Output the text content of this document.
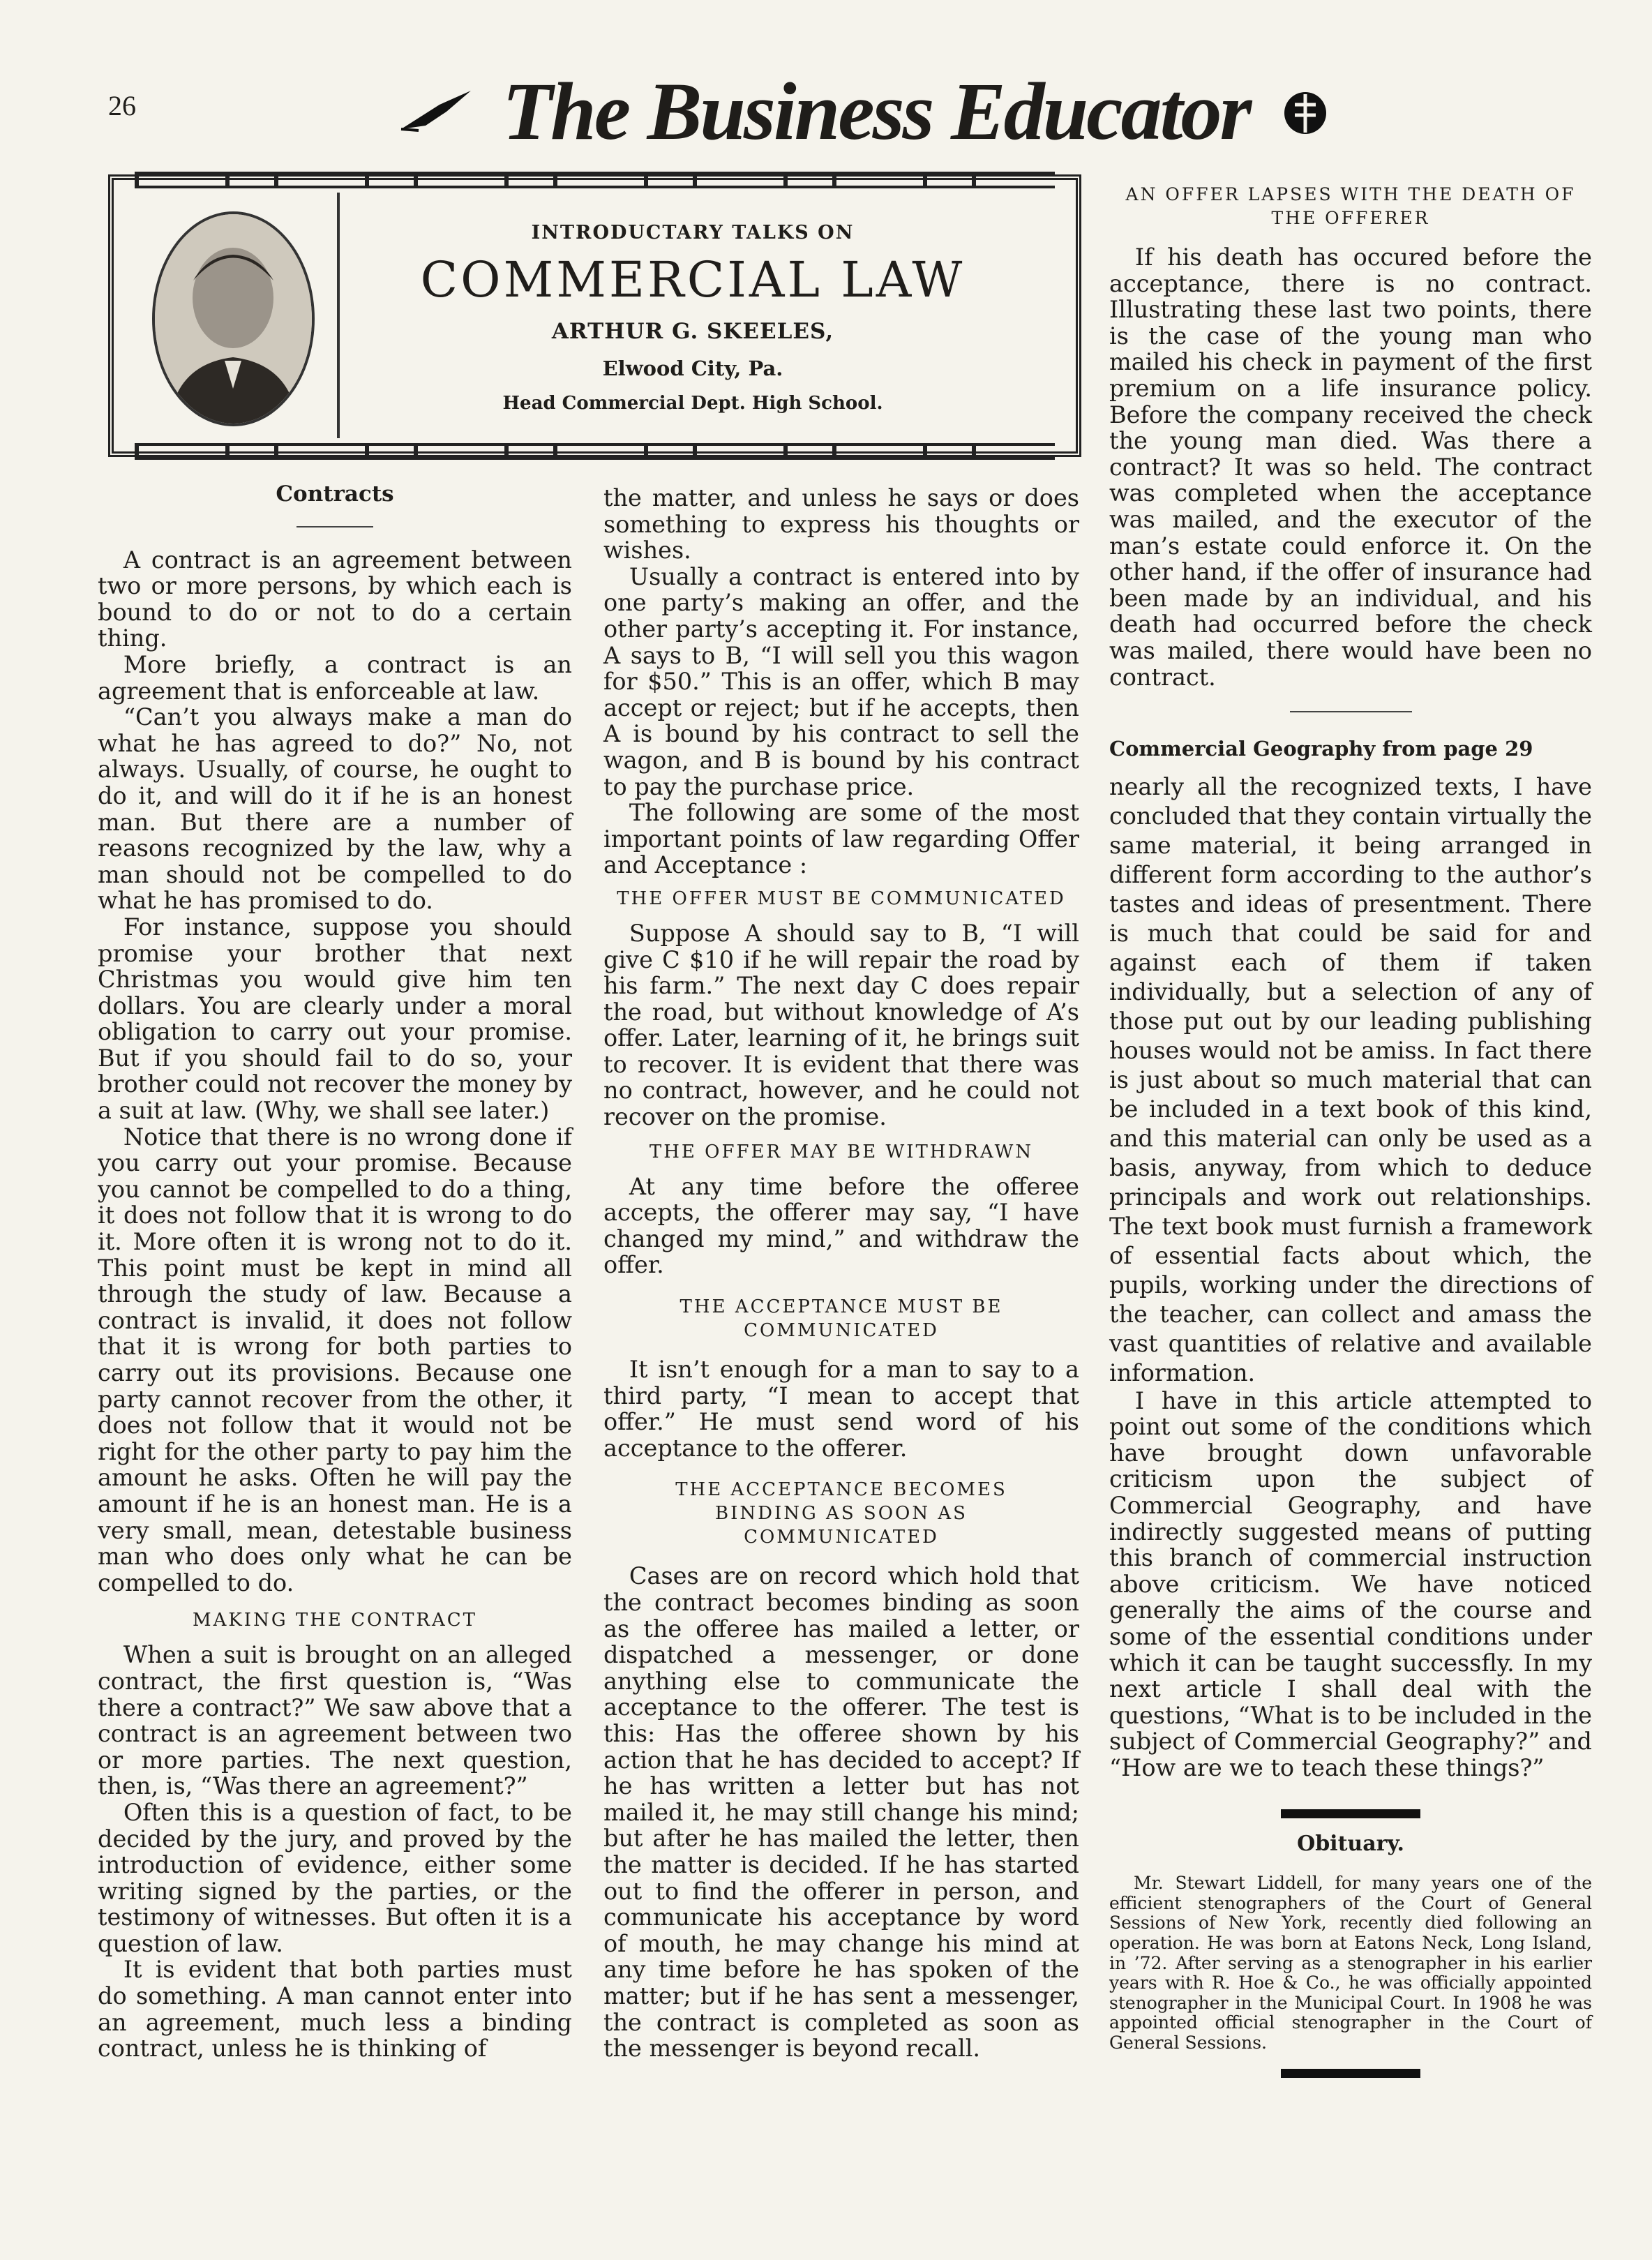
26	The Business Educator
INTRODUCTARY TALKS ON
COMMERCIAL LAW
ARTHUR G. SKEELES,
Elwood City, Pa.
Head Commercial Dept. High School.
Contracts

A contract is an agreement between two or more persons, by which each is bound to do or not to do a certain thing.

More briefly, a contract is an agreement that is enforceable at law.

“Can’t you always make a man do what he has agreed to do?” No, not always. Usually, of course, he ought to do it, and will do it if he is an honest man. But there are a number of reasons recognized by the law, why a man should not be compelled to do what he has promised to do.

For instance, suppose you should promise your brother that next Christmas you would give him ten dollars. You are clearly under a moral obligation to carry out your promise. But if you should fail to do so, your brother could not recover the money by a suit at law. (Why, we shall see later.)

Notice that there is no wrong done if you carry out your promise. Because you cannot be compelled to do a thing, it does not follow that it is wrong to do it. More often it is wrong not to do it. This point must be kept in mind all through the study of law. Because a contract is invalid, it does not follow that it is wrong for both parties to carry out its provisions. Because one party cannot recover from the other, it does not follow that it would not be right for the other party to pay him the amount he asks. Often he will pay the amount if he is an honest man. He is a very small, mean, detestable business man who does only what he can be compelled to do.

MAKING THE CONTRACT

When a suit is brought on an alleged contract, the first question is, “Was there a contract?” We saw above that a contract is an agreement between two or more parties. The next question, then, is, “Was there an agreement?”

Often this is a question of fact, to be decided by the jury, and proved by the introduction of evidence, either some writing signed by the parties, or the testimony of witnesses. But often it is a question of law.

It is evident that both parties must do something. A man cannot enter into an agreement, much less a binding contract, unless he is thinking of

the matter, and unless he says or does something to express his thoughts or wishes.

Usually a contract is entered into by one party’s making an offer, and the other party’s accepting it. For instance, A says to B, “I will sell you this wagon for $50.” This is an offer, which B may accept or reject; but if he accepts, then A is bound by his contract to sell the wagon, and B is bound by his contract to pay the purchase price.

The following are some of the most important points of law regarding Offer and Acceptance :

THE OFFER MUST BE COMMUNICATED

Suppose A should say to B, “I will give C $10 if he will repair the road by his farm.” The next day C does repair the road, but without knowledge of A’s offer. Later, learning of it, he brings suit to recover. It is evident that there was no contract, however, and he could not recover on the promise.

THE OFFER MAY BE WITHDRAWN

At any time before the offeree accepts, the offerer may say, “I have changed my mind,” and withdraw the offer.

THE ACCEPTANCE MUST BE COMMUNICATED

It isn’t enough for a man to say to a third party, “I mean to accept that offer.” He must send word of his acceptance to the offerer.

THE ACCEPTANCE BECOMES BINDING AS SOON AS COMMUNICATED

Cases are on record which hold that the contract becomes binding as soon as the offeree has mailed a letter, or dispatched a messenger, or done anything else to communicate the acceptance to the offerer. The test is this: Has the offeree shown by his action that he has decided to accept? If he has written a letter but has not mailed it, he may still change his mind; but after he has mailed the letter, then the matter is decided. If he has started out to find the offerer in person, and communicate his acceptance by word of mouth, he may change his mind at any time before he has spoken of the matter; but if he has sent a messenger, the contract is completed as soon as the messenger is beyond recall.

AN OFFER LAPSES WITH THE DEATH OF THE OFFERER

If his death has occured before the acceptance, there is no contract. Illustrating these last two points, there is the case of the young man who mailed his check in payment of the first premium on a life insurance policy. Before the company received the check the young man died. Was there a contract? It was so held. The contract was completed when the acceptance was mailed, and the executor of the man’s estate could enforce it. On the other hand, if the offer of insurance had been made by an individual, and his death had occurred before the check was mailed, there would have been no contract.

Commercial Geography from page 29

nearly all the recognized texts, I have concluded that they contain virtually the same material, it being arranged in different form according to the author’s tastes and ideas of presentment. There is much that could be said for and against each of them if taken individually, but a selection of any of those put out by our leading publishing houses would not be amiss. In fact there is just about so much material that can be included in a text book of this kind, and this material can only be used as a basis, anyway, from which to deduce principals and work out relationships. The text book must furnish a framework of essential facts about which, the pupils, working under the directions of the teacher, can collect and amass the vast quantities of relative and available information.

I have in this article attempted to point out some of the conditions which have brought down unfavorable criticism upon the subject of Commercial Geography, and have indirectly suggested means of putting this branch of commercial instruction above criticism. We have noticed generally the aims of the course and some of the essential conditions under which it can be taught successfly. In my next article I shall deal with the questions, “What is to be included in the subject of Commercial Geography?” and “How are we to teach these things?”

Obituary.

Mr. Stewart Liddell, for many years one of the efficient stenographers of the Court of General Sessions of New York, recently died following an operation. He was born at Eatons Neck, Long Island, in ’72. After serving as a stenographer in his earlier years with R. Hoe & Co., he was officially appointed stenographer in the Municipal Court. In 1908 he was appointed official stenographer in the Court of General Sessions.
